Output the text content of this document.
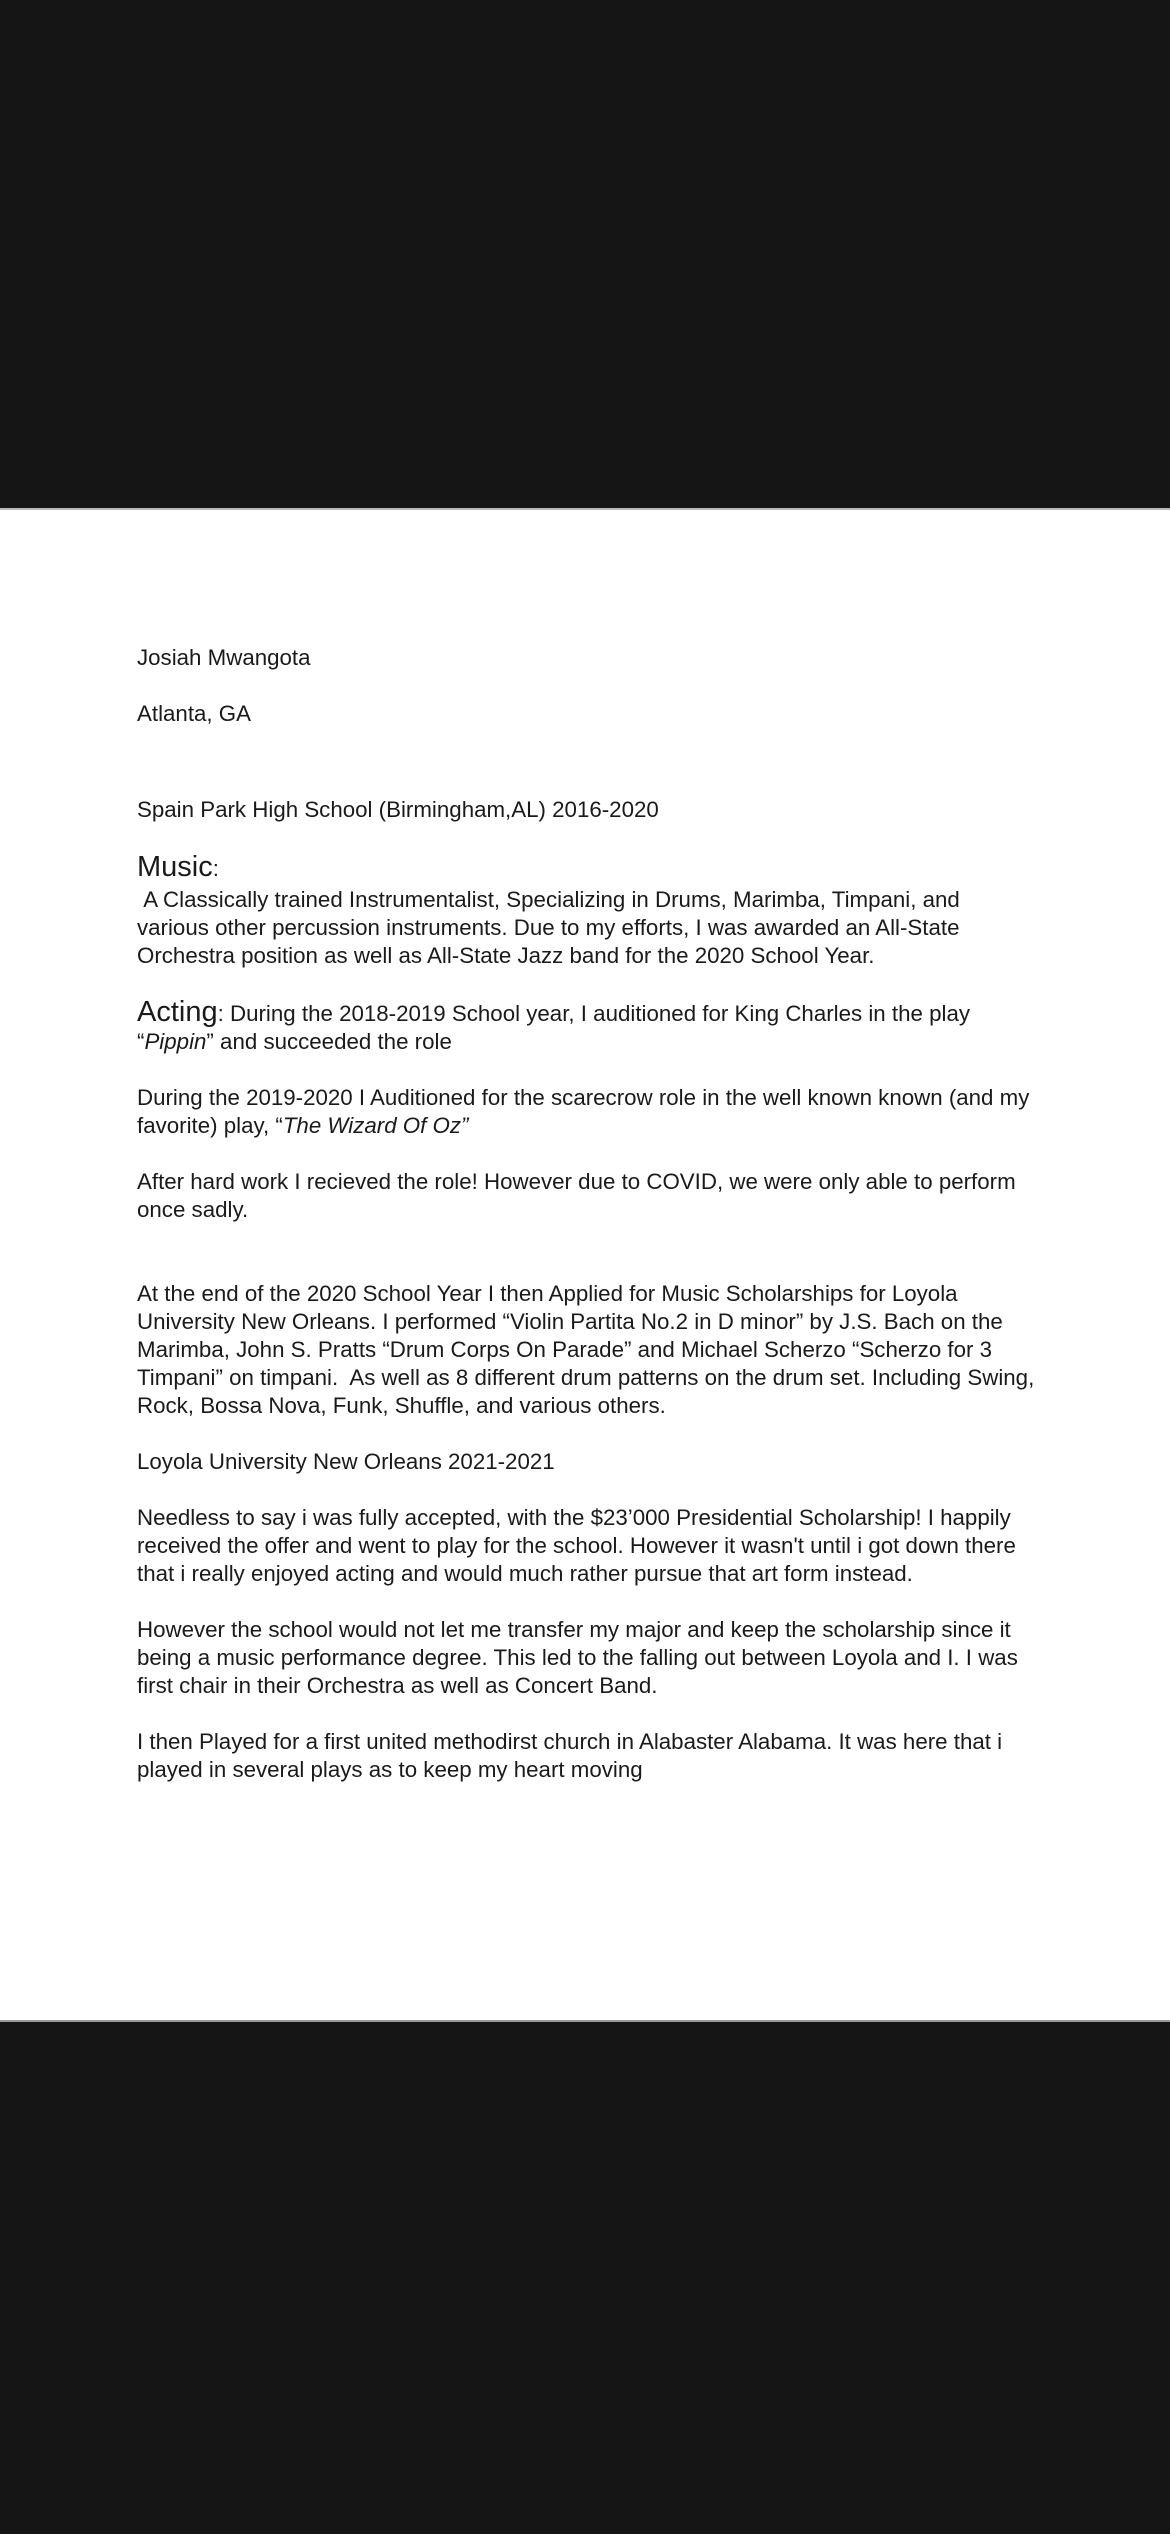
Josiah Mwangota

Atlanta, GA

Spain Park High School (Birmingham,AL) 2016-2020

Music:

A Classically trained Instrumentalist, Specializing in Drums, Marimba, Timpani, and various other percussion instruments. Due to my efforts, I was awarded an All-State Orchestra position as well as All-State Jazz band for the 2020 School Year.

Acting: During the 2018-2019 School year, I auditioned for King Charles in the play “Pippin” and succeeded the role

During the 2019-2020 I Auditioned for the scarecrow role in the well known known (and my favorite) play, “The Wizard Of Oz”

After hard work I recieved the role! However due to COVID, we were only able to perform once sadly.

At the end of the 2020 School Year I then Applied for Music Scholarships for Loyola University New Orleans. I performed “Violin Partita No.2 in D minor” by J.S. Bach on the Marimba, John S. Pratts “Drum Corps On Parade” and Michael Scherzo “Scherzo for 3 Timpani” on timpani.  As well as 8 different drum patterns on the drum set. Including Swing, Rock, Bossa Nova, Funk, Shuffle, and various others.

Loyola University New Orleans 2021-2021

Needless to say i was fully accepted, with the $23’000 Presidential Scholarship! I happily received the offer and went to play for the school. However it wasn't until i got down there that i really enjoyed acting and would much rather pursue that art form instead.

However the school would not let me transfer my major and keep the scholarship since it being a music performance degree. This led to the falling out between Loyola and I. I was first chair in their Orchestra as well as Concert Band.

I then Played for a first united methodirst church in Alabaster Alabama. It was here that i played in several plays as to keep my heart moving
